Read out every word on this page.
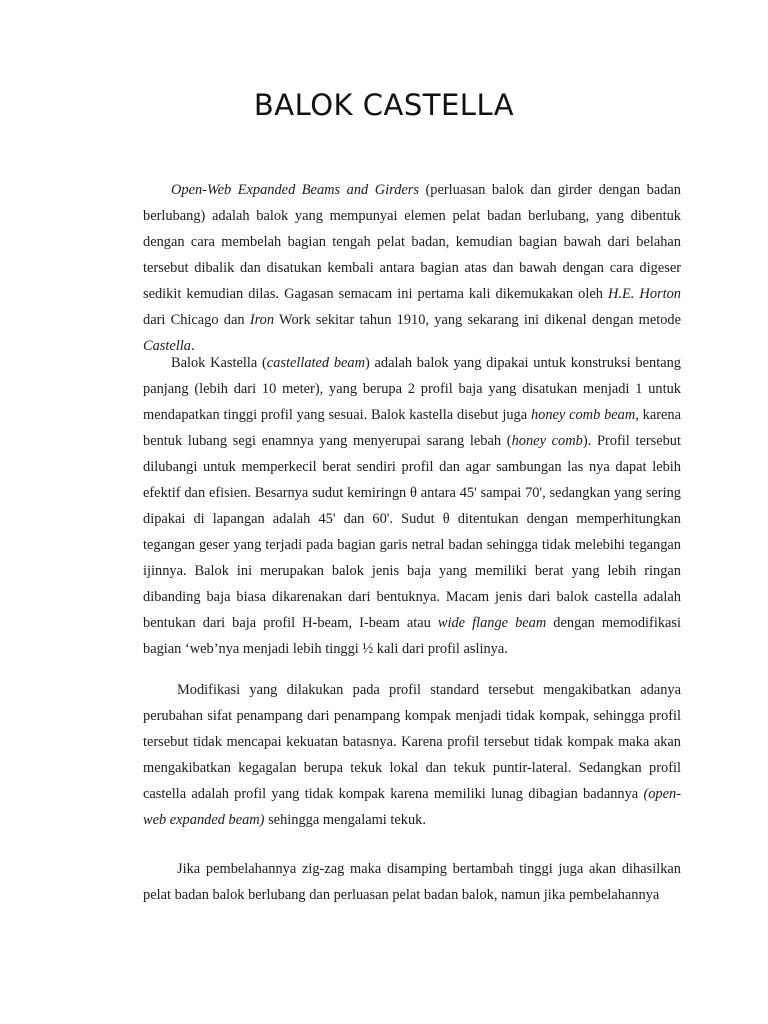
BALOK CASTELLA

Open-Web Expanded Beams and Girders (perluasan balok dan girder dengan badan berlubang) adalah balok yang mempunyai elemen pelat badan berlubang, yang dibentuk dengan cara membelah bagian tengah pelat badan, kemudian bagian bawah dari belahan tersebut dibalik dan disatukan kembali antara bagian atas dan bawah dengan cara digeser sedikit kemudian dilas. Gagasan semacam ini pertama kali dikemukakan oleh H.E. Horton dari Chicago dan Iron Work sekitar tahun 1910, yang sekarang ini dikenal dengan metode Castella.

Balok Kastella (castellated beam) adalah balok yang dipakai untuk konstruksi bentang panjang (lebih dari 10 meter), yang berupa 2 profil baja yang disatukan menjadi 1 untuk mendapatkan tinggi profil yang sesuai. Balok kastella disebut juga honey comb beam, karena bentuk lubang segi enamnya yang menyerupai sarang lebah (honey comb). Profil tersebut dilubangi untuk memperkecil berat sendiri profil dan agar sambungan las nya dapat lebih efektif dan efisien. Besarnya sudut kemiringn θ antara 45' sampai 70', sedangkan yang sering dipakai di lapangan adalah 45' dan 60'. Sudut θ ditentukan dengan memperhitungkan tegangan geser yang terjadi pada bagian garis netral badan sehingga tidak melebihi tegangan ijinnya. Balok ini merupakan balok jenis baja yang memiliki berat yang lebih ringan dibanding baja biasa dikarenakan dari bentuknya. Macam jenis dari balok castella adalah bentukan dari baja profil H-beam, I-beam atau wide flange beam dengan memodifikasi bagian ‘web’nya menjadi lebih tinggi ½ kali dari profil aslinya.

Modifikasi yang dilakukan pada profil standard tersebut mengakibatkan adanya perubahan sifat penampang dari penampang kompak menjadi tidak kompak, sehingga profil tersebut tidak mencapai kekuatan batasnya. Karena profil tersebut tidak kompak maka akan mengakibatkan kegagalan berupa tekuk lokal dan tekuk puntir-lateral. Sedangkan profil castella adalah profil yang tidak kompak karena memiliki lunag dibagian badannya (open-web expanded beam) sehingga mengalami tekuk.

Jika pembelahannya zig-zag maka disamping bertambah tinggi juga akan dihasilkan pelat badan balok berlubang dan perluasan pelat badan balok, namun jika pembelahannya
